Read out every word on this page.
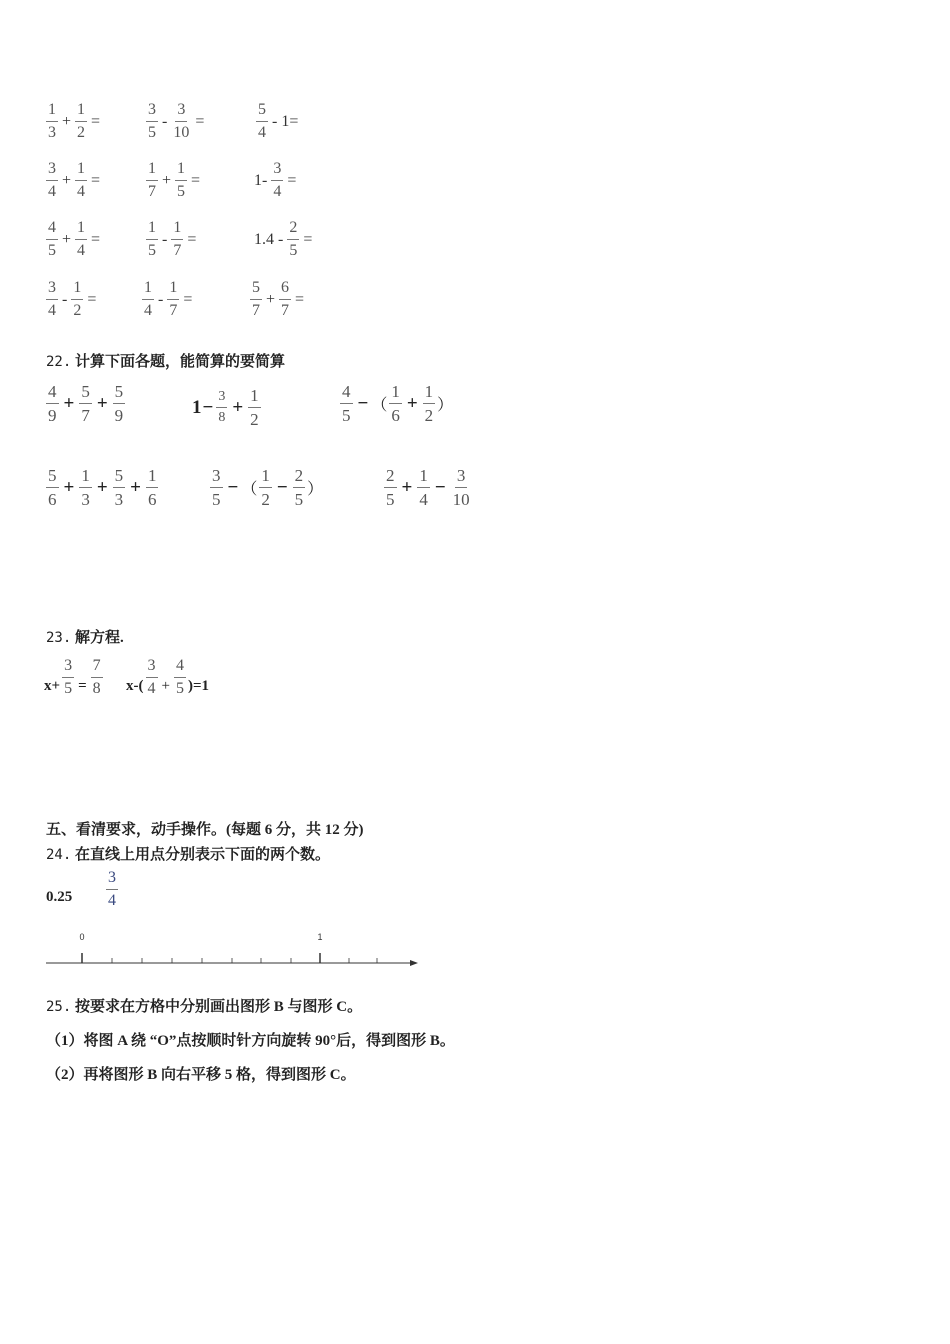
$\frac{1}{3} + \frac{1}{2}$ =	$\frac{3}{5} - \frac{3}{10}$ =	$\frac{5}{4} - 1=$
$\frac{3}{4} + \frac{1}{4}$ =	$\frac{1}{7} + \frac{1}{5}$ =	$1- \frac{3}{4}$ =
$\frac{4}{5} + \frac{1}{4}$ =	$\frac{1}{5} - \frac{1}{7}$ =	$1.4 - \frac{2}{5}$ =
$\frac{3}{4} - \frac{1}{2}$ =	$\frac{1}{4} - \frac{1}{7}$ =	$\frac{5}{7} + \frac{6}{7}$ =
22. 计算下面各题，能简算的要简算
$\frac{4}{9} + \frac{5}{7} + \frac{5}{9}$	$1 - \frac{3}{8} + \frac{1}{2}$	$\frac{4}{5}$ − （ $\frac{1}{6} + \frac{1}{2}$ ）
$\frac{5}{6} + \frac{1}{3} + \frac{5}{3} + \frac{1}{6}$	$\frac{3}{5}$ − （ $\frac{1}{2} - \frac{2}{5}$ ）	$\frac{2}{5} + \frac{1}{4} - \frac{3}{10}$
23. 解方程.
$x+ \frac{3}{5} = \frac{7}{8} x-( \frac{3}{4} + \frac{4}{5} )=1$
五、看清要求，动手操作。(每题 6 分，共 12 分)
24. 在直线上用点分别表示下面的两个数。
$0.25 \frac{3}{4}$
0	1
25. 按要求在方格中分别画出图形 B 与图形 C。
（1）将图 A 绕 “O”点按顺时针方向旋转 90°后，得到图形 B。
（2）再将图形 B 向右平移 5 格，得到图形 C。
